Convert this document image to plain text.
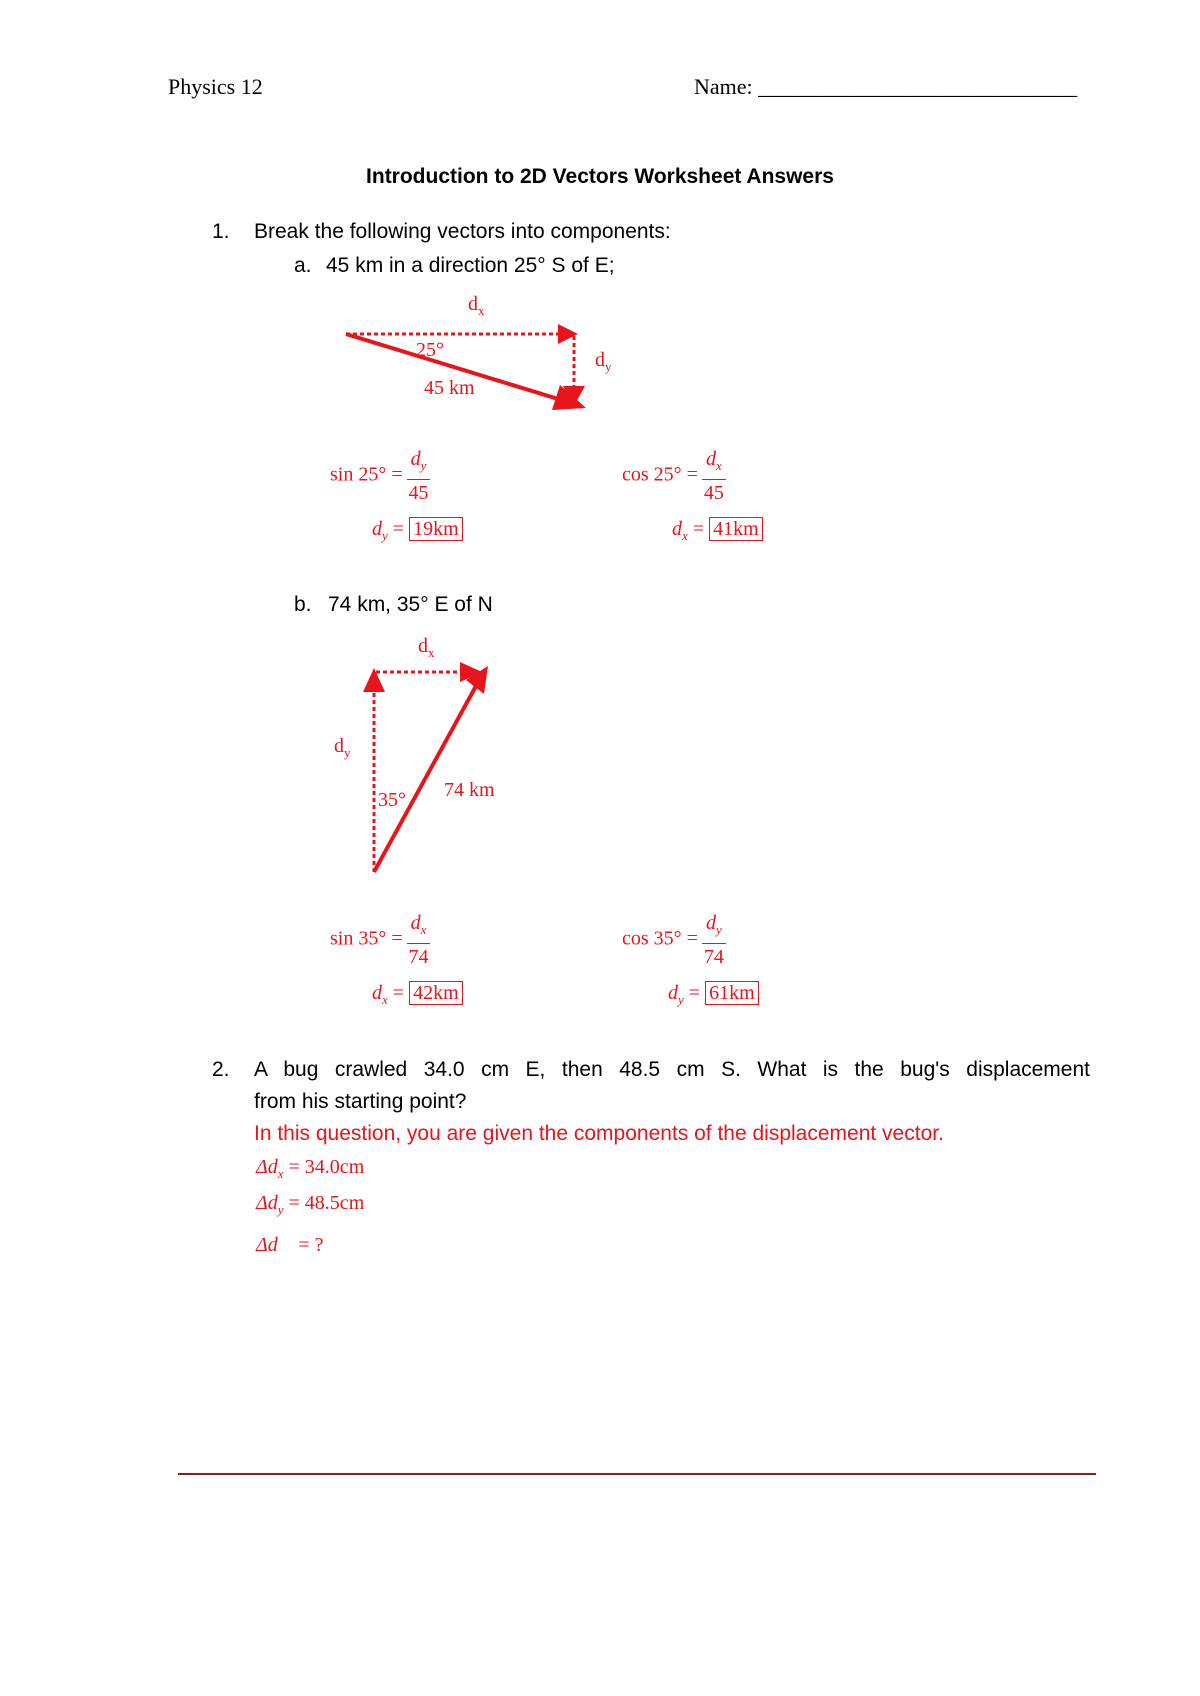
Physics 12	Name: _____________________________
Introduction to 2D Vectors Worksheet Answers
1. Break the following vectors into components:
a. 45 km in a direction 25° S of E;
$d_x$
$d_y$
25°
45 km
$\sin 25^\circ = \frac{d_y}{45}$
$d_y = 19km$
$\cos 25^\circ = \frac{d_x}{45}$
$d_x = 41km$
b. 74 km, 35° E of N
$d_x$
$d_y$
35° 74 km
$\sin 35^\circ = \frac{d_x}{74}$
$d_x = 42km$
$\cos 35^\circ = \frac{d_y}{74}$
$d_y = 61km$
2. A bug crawled 34.0 cm E, then 48.5 cm S. What is the bug's displacement
from his starting point?
In this question, you are given the components of the displacement vector.
$\Delta d_x = 34.0cm$
$\Delta d_y = 48.5cm$
Δd⃗ = ?
